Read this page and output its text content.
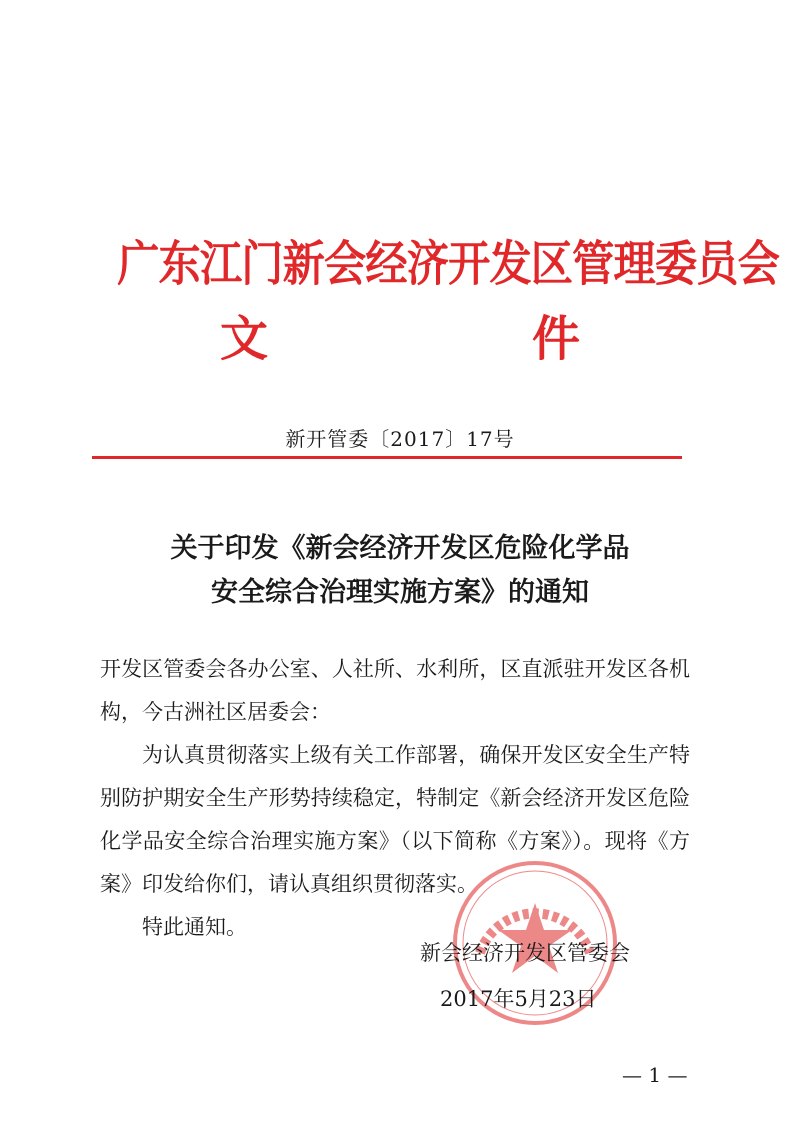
广东江门新会经济开发区管理委员会
文	件
新开管委〔2017〕17号
关于印发《新会经济开发区危险化学品
安全综合治理实施方案》的通知

开发区管委会各办公室、人社所、水利所，区直派驻开发区各机构，今古洲社区居委会：

为认真贯彻落实上级有关工作部署，确保开发区安全生产特别防护期安全生产形势持续稳定，特制定《新会经济开发区危险化学品安全综合治理实施方案》（以下简称《方案》）。现将《方案》印发给你们，请认真组织贯彻落实。

特此通知。

新会经济开发区管委会
2017年5月23日
— 1 —
